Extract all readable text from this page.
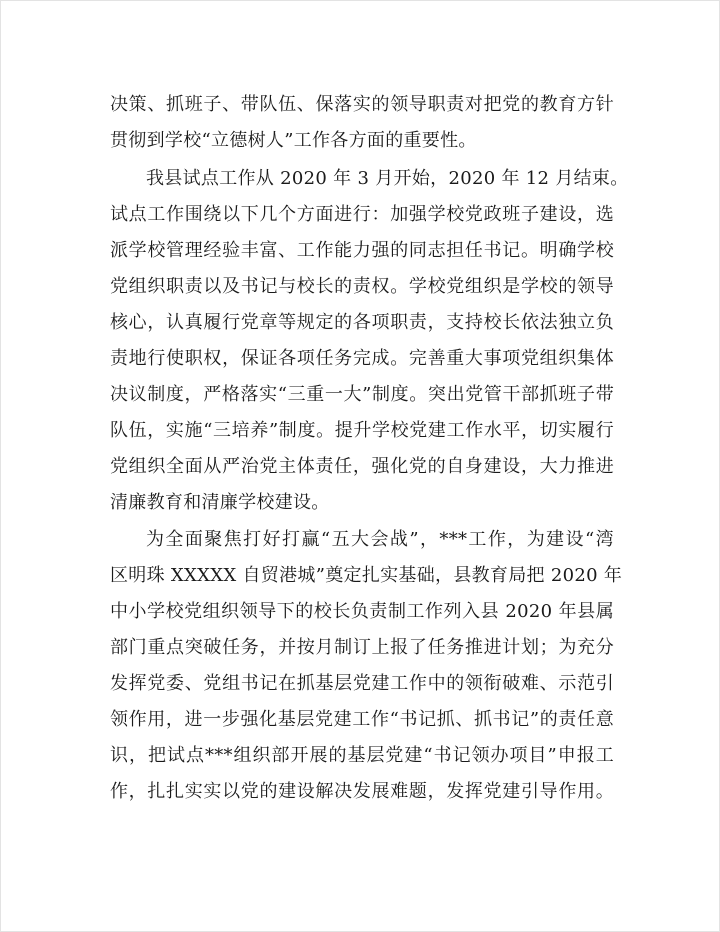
决策、抓班子、带队伍、保落实的领导职责对把党的教育方针
贯彻到学校“立德树人”工作各方面的重要性。
我县试点工作从 2020 年 3 月开始，2020 年 12 月结束。
试点工作围绕以下几个方面进行：加强学校党政班子建设，选
派学校管理经验丰富、工作能力强的同志担任书记。明确学校
党组织职责以及书记与校长的责权。学校党组织是学校的领导
核心，认真履行党章等规定的各项职责，支持校长依法独立负
责地行使职权，保证各项任务完成。完善重大事项党组织集体
决议制度，严格落实“三重一大”制度。突出党管干部抓班子带
队伍，实施“三培养”制度。提升学校党建工作水平，切实履行
党组织全面从严治党主体责任，强化党的自身建设，大力推进
清廉教育和清廉学校建设。
为全面聚焦打好打赢“五大会战”，***工作，为建设“湾
区明珠 XXXXX 自贸港城”奠定扎实基础，县教育局把 2020 年
中小学校党组织领导下的校长负责制工作列入县 2020 年县属
部门重点突破任务，并按月制订上报了任务推进计划；为充分
发挥党委、党组书记在抓基层党建工作中的领衔破难、示范引
领作用，进一步强化基层党建工作“书记抓、抓书记”的责任意
识，把试点***组织部开展的基层党建“书记领办项目”申报工
作，扎扎实实以党的建设解决发展难题，发挥党建引导作用。
